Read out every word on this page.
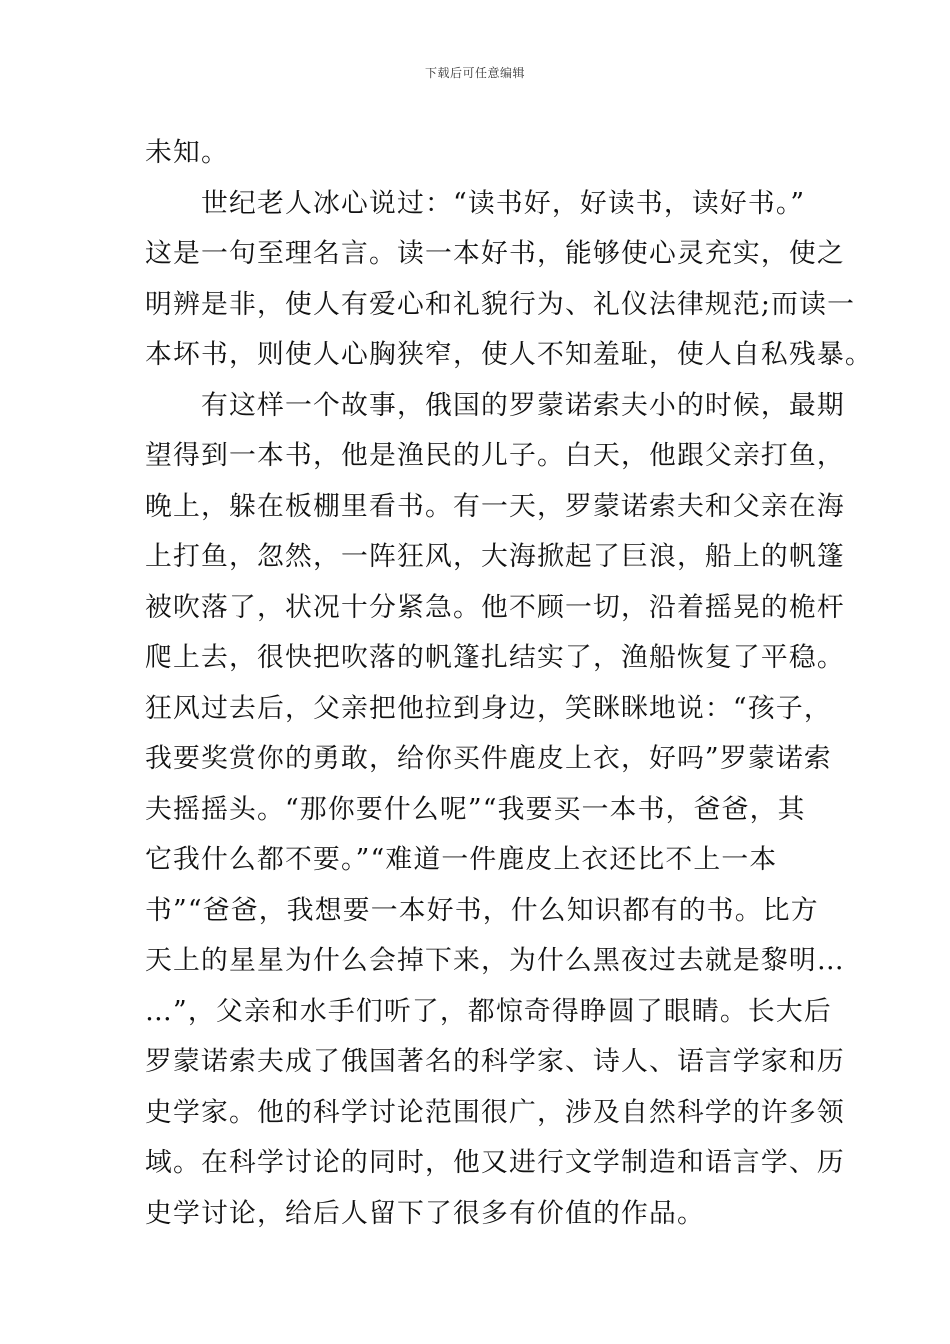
下载后可任意编辑
未知。
　　世纪老人冰心说过：“读书好，好读书，读好书。”
这是一句至理名言。读一本好书，能够使心灵充实，使之
明辨是非，使人有爱心和礼貌行为、礼仪法律规范;而读一
本坏书，则使人心胸狭窄，使人不知羞耻，使人自私残暴。
　　有这样一个故事，俄国的罗蒙诺索夫小的时候，最期
望得到一本书，他是渔民的儿子。白天，他跟父亲打鱼，
晚上，躲在板棚里看书。有一天，罗蒙诺索夫和父亲在海
上打鱼，忽然，一阵狂风，大海掀起了巨浪，船上的帆篷
被吹落了，状况十分紧急。他不顾一切，沿着摇晃的桅杆
爬上去，很快把吹落的帆篷扎结实了，渔船恢复了平稳。
狂风过去后，父亲把他拉到身边，笑眯眯地说：“孩子，
我要奖赏你的勇敢，给你买件鹿皮上衣，好吗”罗蒙诺索
夫摇摇头。“那你要什么呢”“我要买一本书，爸爸，其
它我什么都不要。”“难道一件鹿皮上衣还比不上一本
书”“爸爸，我想要一本好书，什么知识都有的书。比方
天上的星星为什么会掉下来，为什么黑夜过去就是黎明…
…”，父亲和水手们听了，都惊奇得睁圆了眼睛。长大后
罗蒙诺索夫成了俄国著名的科学家、诗人、语言学家和历
史学家。他的科学讨论范围很广，涉及自然科学的许多领
域。在科学讨论的同时，他又进行文学制造和语言学、历
史学讨论，给后人留下了很多有价值的作品。
